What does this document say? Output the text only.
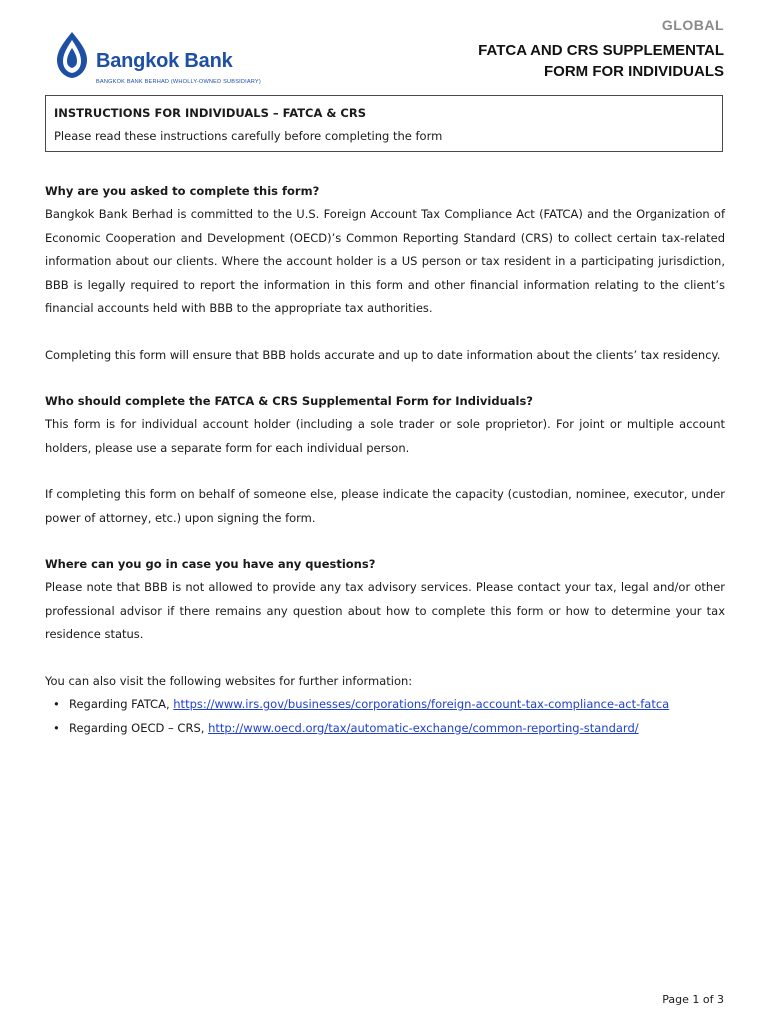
Bangkok Bank
BANGKOK BANK BERHAD (WHOLLY-OWNED SUBSIDIARY)
GLOBAL
FATCA AND CRS SUPPLEMENTAL
FORM FOR INDIVIDUALS
INSTRUCTIONS FOR INDIVIDUALS – FATCA & CRS
Please read these instructions carefully before completing the form

Why are you asked to complete this form?

Bangkok Bank Berhad is committed to the U.S. Foreign Account Tax Compliance Act (FATCA) and the Organization of Economic Cooperation and Development (OECD)’s Common Reporting Standard (CRS) to collect certain tax-related information about our clients. Where the account holder is a US person or tax resident in a participating jurisdiction, BBB is legally required to report the information in this form and other financial information relating to the client’s financial accounts held with BBB to the appropriate tax authorities.

Completing this form will ensure that BBB holds accurate and up to date information about the clients’ tax residency.

Who should complete the FATCA & CRS Supplemental Form for Individuals?

This form is for individual account holder (including a sole trader or sole proprietor). For joint or multiple account holders, please use a separate form for each individual person.

If completing this form on behalf of someone else, please indicate the capacity (custodian, nominee, executor, under power of attorney, etc.) upon signing the form.

Where can you go in case you have any questions?

Please note that BBB is not allowed to provide any tax advisory services. Please contact your tax, legal and/or other professional advisor if there remains any question about how to complete this form or how to determine your tax residence status.

You can also visit the following websites for further information:

• Regarding FATCA, https://www.irs.gov/businesses/corporations/foreign-account-tax-compliance-act-fatca
• Regarding OECD – CRS, http://www.oecd.org/tax/automatic-exchange/common-reporting-standard/
Page 1 of 3
